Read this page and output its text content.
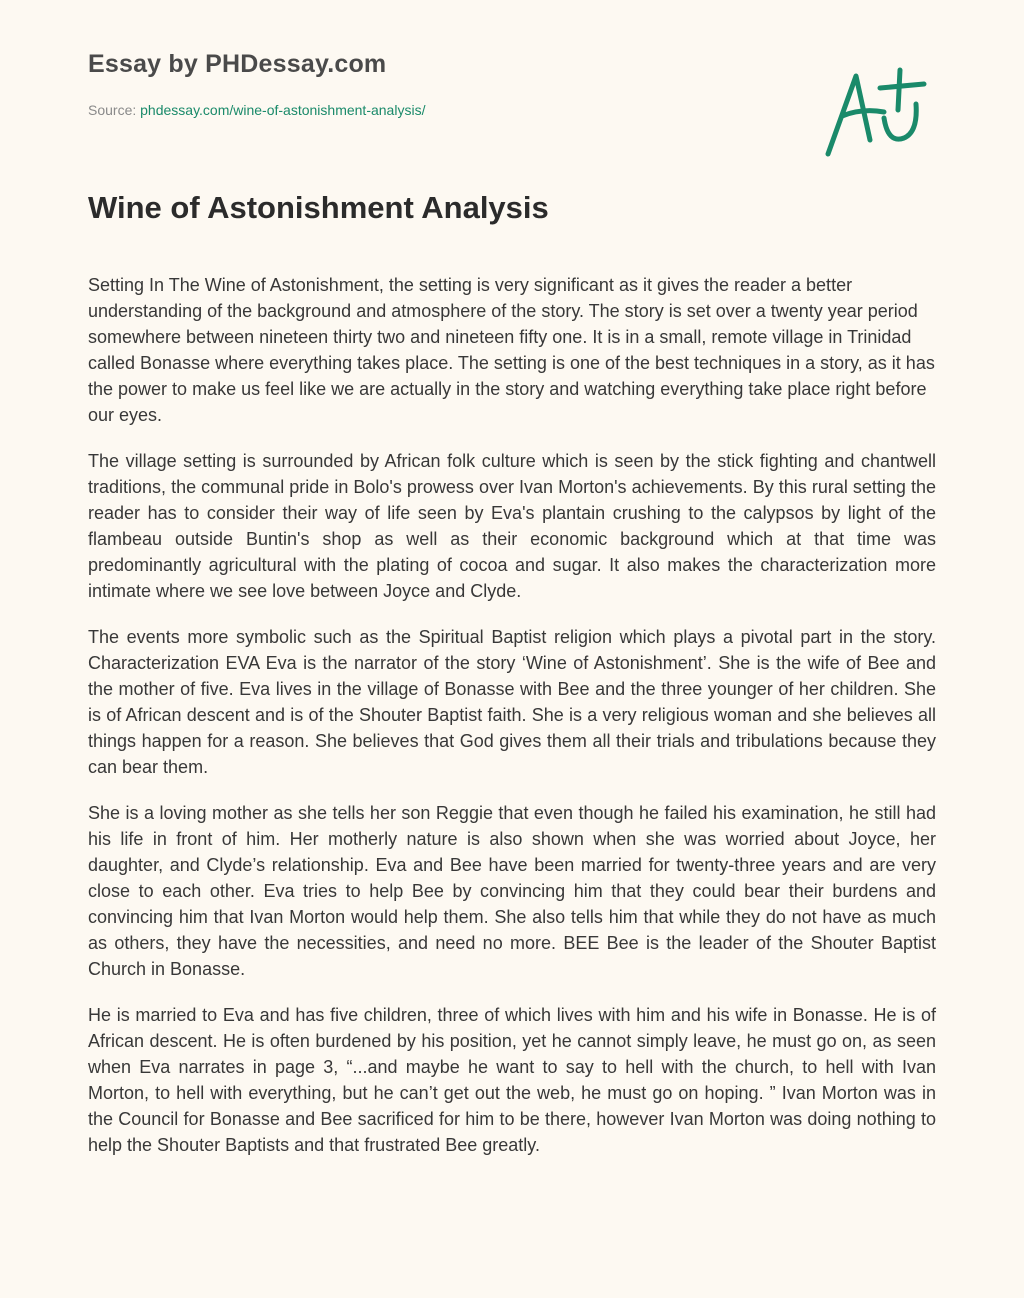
Essay by PHDessay.com
Source: phdessay.com/wine-of-astonishment-analysis/
Wine of Astonishment Analysis

Setting In The Wine of Astonishment, the setting is very significant as it gives the reader a better understanding of the background and atmosphere of the story. The story is set over a twenty year period somewhere between nineteen thirty two and nineteen fifty one. It is in a small, remote village in Trinidad called Bonasse where everything takes place. The setting is one of the best techniques in a story, as it has the power to make us feel like we are actually in the story and watching everything take place right before our eyes.

The village setting is surrounded by African folk culture which is seen by the stick fighting and chantwell traditions, the communal pride in Bolo's prowess over Ivan Morton's achievements. By this rural setting the reader has to consider their way of life seen by Eva's plantain crushing to the calypsos by light of the flambeau outside Buntin's shop as well as their economic background which at that time was predominantly agricultural with the plating of cocoa and sugar. It also makes the characterization more intimate where we see love between Joyce and Clyde.

The events more symbolic such as the Spiritual Baptist religion which plays a pivotal part in the story. Characterization EVA Eva is the narrator of the story ‘Wine of Astonishment’. She is the wife of Bee and the mother of five. Eva lives in the village of Bonasse with Bee and the three younger of her children. She is of African descent and is of the Shouter Baptist faith. She is a very religious woman and she believes all things happen for a reason. She believes that God gives them all their trials and tribulations because they can bear them.

She is a loving mother as she tells her son Reggie that even though he failed his examination, he still had his life in front of him. Her motherly nature is also shown when she was worried about Joyce, her daughter, and Clyde’s relationship. Eva and Bee have been married for twenty-three years and are very close to each other. Eva tries to help Bee by convincing him that they could bear their burdens and convincing him that Ivan Morton would help them. She also tells him that while they do not have as much as others, they have the necessities, and need no more. BEE Bee is the leader of the Shouter Baptist Church in Bonasse.

He is married to Eva and has five children, three of which lives with him and his wife in Bonasse. He is of African descent. He is often burdened by his position, yet he cannot simply leave, he must go on, as seen when Eva narrates in page 3, “...and maybe he want to say to hell with the church, to hell with Ivan Morton, to hell with everything, but he can’t get out the web, he must go on hoping. ” Ivan Morton was in the Council for Bonasse and Bee sacrificed for him to be there, however Ivan Morton was doing nothing to help the Shouter Baptists and that frustrated Bee greatly.
